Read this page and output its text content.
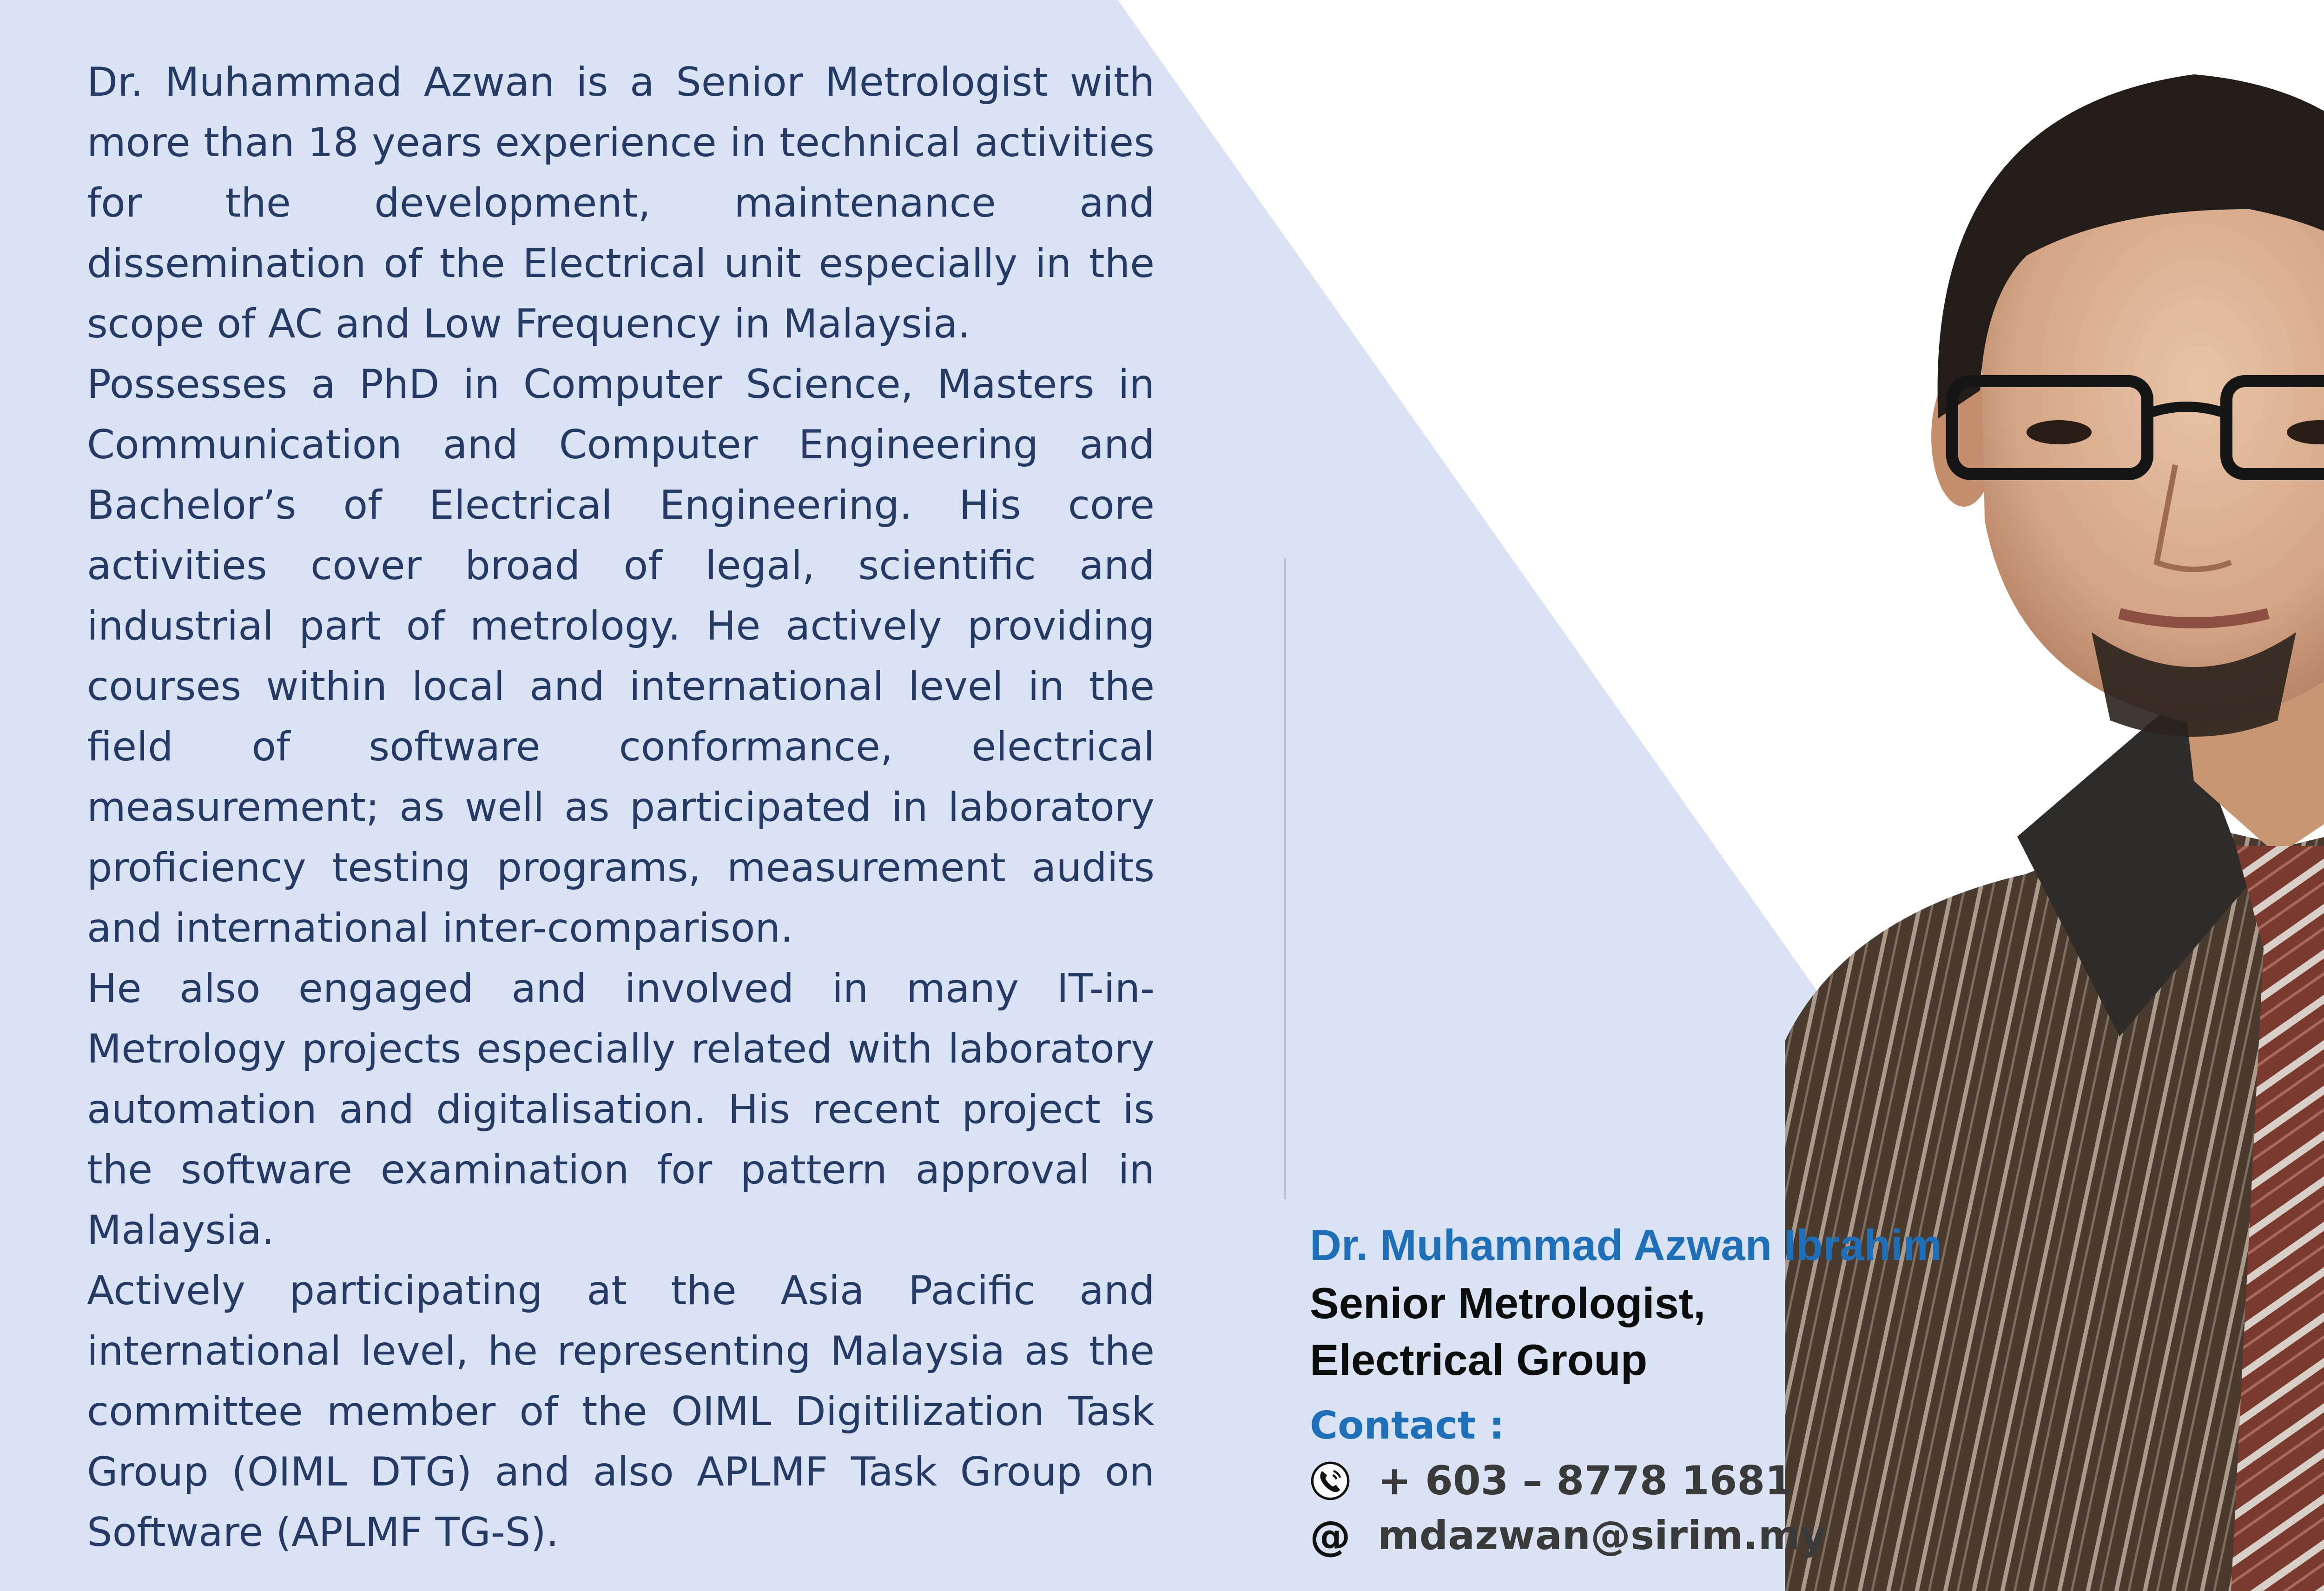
Dr. Muhammad Azwan is a Senior Metrologist with more than 18 years experience in technical activities for the development, maintenance and dissemination of the Electrical unit especially in the scope of AC and Low Frequency in Malaysia.

Possesses a PhD in Computer Science, Masters in Communication and Computer Engineering and Bachelor’s of Electrical Engineering. His core activities cover broad of legal, scientific and industrial part of metrology. He actively providing courses within local and international level in the field of software conformance, electrical measurement; as well as participated in laboratory proficiency testing programs, measurement audits and international inter-comparison.

He also engaged and involved in many IT-in-Metrology projects especially related with laboratory automation and digitalisation. His recent project is the software examination for pattern approval in Malaysia.

Actively participating at the Asia Pacific and international level, he representing Malaysia as the committee member of the OIML Digitilization Task Group (OIML DTG) and also APLMF Task Group on Software (APLMF TG-S).

Dr. Muhammad Azwan Ibrahim
Senior Metrologist,
Electrical Group
Contact :
+ 603 – 8778 1681
@ mdazwan@sirim.my
